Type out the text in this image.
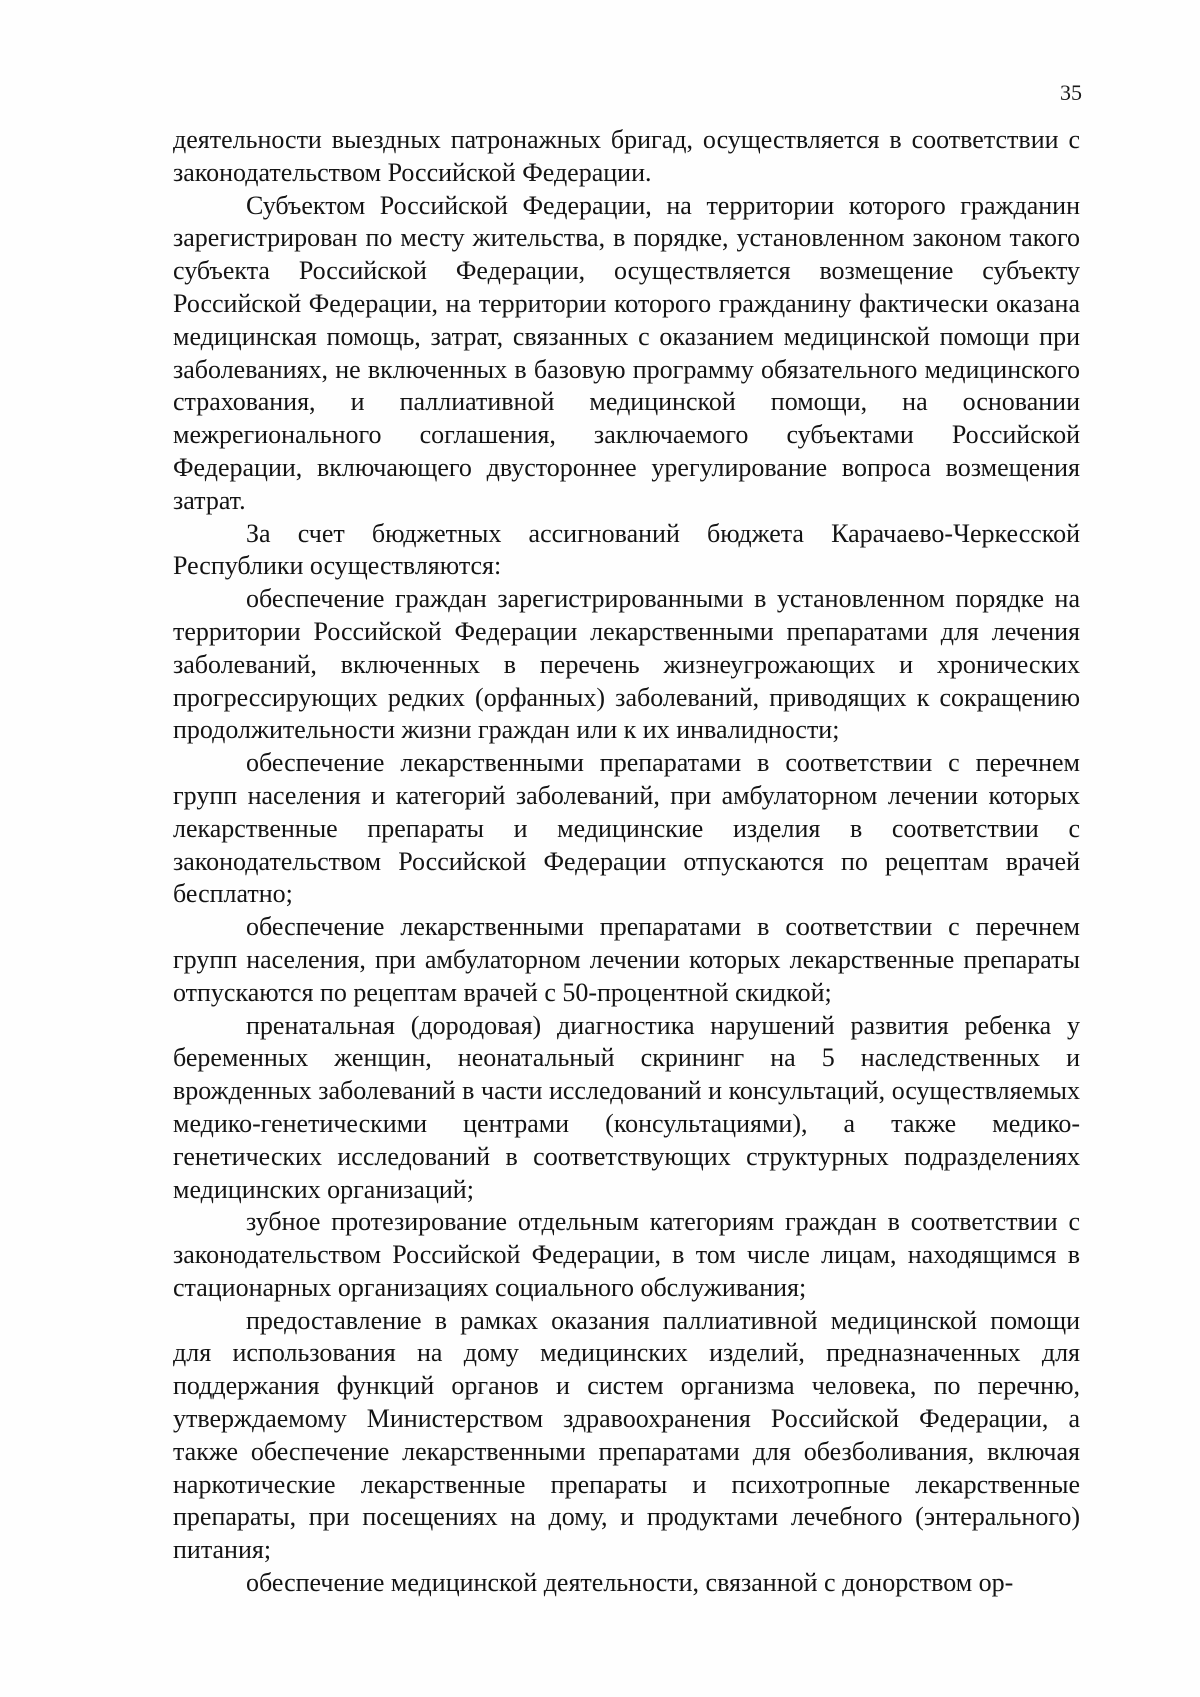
35

деятельности выездных патронажных бригад, осуществляется в соответствии с законодательством Российской Федерации.

Субъектом Российской Федерации, на территории которого гражданин зарегистрирован по месту жительства, в порядке, установленном законом такого субъекта Российской Федерации, осуществляется возмещение субъекту Российской Федерации, на территории которого гражданину фактически оказана медицинская помощь, затрат, связанных с оказанием медицинской помощи при заболеваниях, не включенных в базовую программу обязательного медицинского страхования, и паллиативной медицинской помощи, на основании межрегионального соглашения, заключаемого субъектами Российской Федерации, включающего двустороннее урегулирование вопроса возмещения затрат.

За счет бюджетных ассигнований бюджета Карачаево-Черкесской Республики осуществляются:

обеспечение граждан зарегистрированными в установленном порядке на территории Российской Федерации лекарственными препаратами для лечения заболеваний, включенных в перечень жизнеугрожающих и хронических прогрессирующих редких (орфанных) заболеваний, приводящих к сокращению продолжительности жизни граждан или к их инвалидности;

обеспечение лекарственными препаратами в соответствии с перечнем групп населения и категорий заболеваний, при амбулаторном лечении которых лекарственные препараты и медицинские изделия в соответствии с законодательством Российской Федерации отпускаются по рецептам врачей бесплатно;

обеспечение лекарственными препаратами в соответствии с перечнем групп населения, при амбулаторном лечении которых лекарственные препараты отпускаются по рецептам врачей с 50-процентной скидкой;

пренатальная (дородовая) диагностика нарушений развития ребенка у беременных женщин, неонатальный скрининг на 5 наследственных и врожденных заболеваний в части исследований и консультаций, осуществляемых медико-генетическими центрами (консультациями), а также медико-генетических исследований в соответствующих структурных подразделениях медицинских организаций;

зубное протезирование отдельным категориям граждан в соответствии с законодательством Российской Федерации, в том числе лицам, находящимся в стационарных организациях социального обслуживания;

предоставление в рамках оказания паллиативной медицинской помощи для использования на дому медицинских изделий, предназначенных для поддержания функций органов и систем организма человека, по перечню, утверждаемому Министерством здравоохранения Российской Федерации, а также обеспечение лекарственными препаратами для обезболивания, включая наркотические лекарственные препараты и психотропные лекарственные препараты, при посещениях на дому, и продуктами лечебного (энтерального) питания;

обеспечение медицинской деятельности, связанной с донорством ор-
